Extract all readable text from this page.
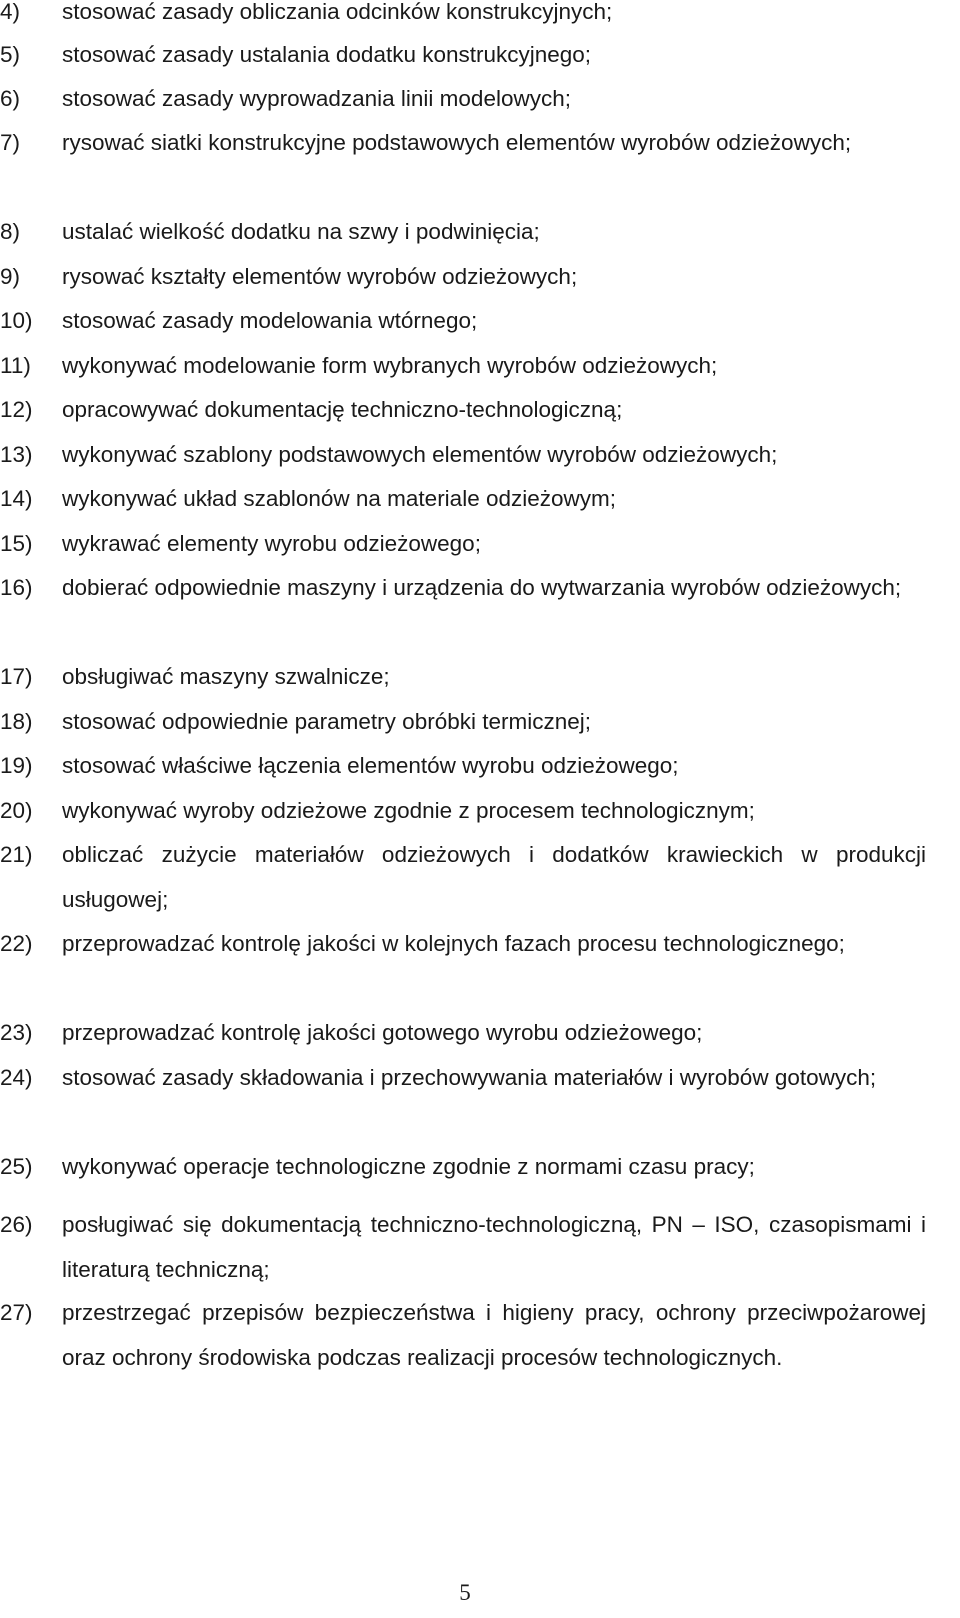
4) stosować zasady obliczania odcinków konstrukcyjnych;
5) stosować zasady ustalania dodatku konstrukcyjnego;
6) stosować zasady wyprowadzania linii modelowych;
7) rysować siatki konstrukcyjne podstawowych elementów wyrobów odzieżowych;
8) ustalać wielkość dodatku na szwy i podwinięcia;
9) rysować kształty elementów wyrobów odzieżowych;
10) stosować zasady modelowania wtórnego;
11) wykonywać modelowanie form wybranych wyrobów odzieżowych;
12) opracowywać dokumentację techniczno-technologiczną;
13) wykonywać szablony podstawowych elementów wyrobów odzieżowych;
14) wykonywać układ szablonów na materiale odzieżowym;
15) wykrawać elementy wyrobu odzieżowego;
16) dobierać odpowiednie maszyny i urządzenia do wytwarzania wyrobów odzieżowych;
17) obsługiwać maszyny szwalnicze;
18) stosować odpowiednie parametry obróbki termicznej;
19) stosować właściwe łączenia elementów wyrobu odzieżowego;
20) wykonywać wyroby odzieżowe zgodnie z procesem technologicznym;
21) obliczać zużycie materiałów odzieżowych i dodatków krawieckich w produkcji usługowej;
22) przeprowadzać kontrolę jakości w kolejnych fazach procesu technologicznego;
23) przeprowadzać kontrolę jakości gotowego wyrobu odzieżowego;
24) stosować zasady składowania i przechowywania materiałów i wyrobów gotowych;
25) wykonywać operacje technologiczne zgodnie z normami czasu pracy;
26) posługiwać się dokumentacją techniczno-technologiczną, PN – ISO, czasopismami i literaturą techniczną;
27) przestrzegać przepisów bezpieczeństwa i higieny pracy, ochrony przeciwpożarowej oraz ochrony środowiska podczas realizacji procesów technologicznych.
5
